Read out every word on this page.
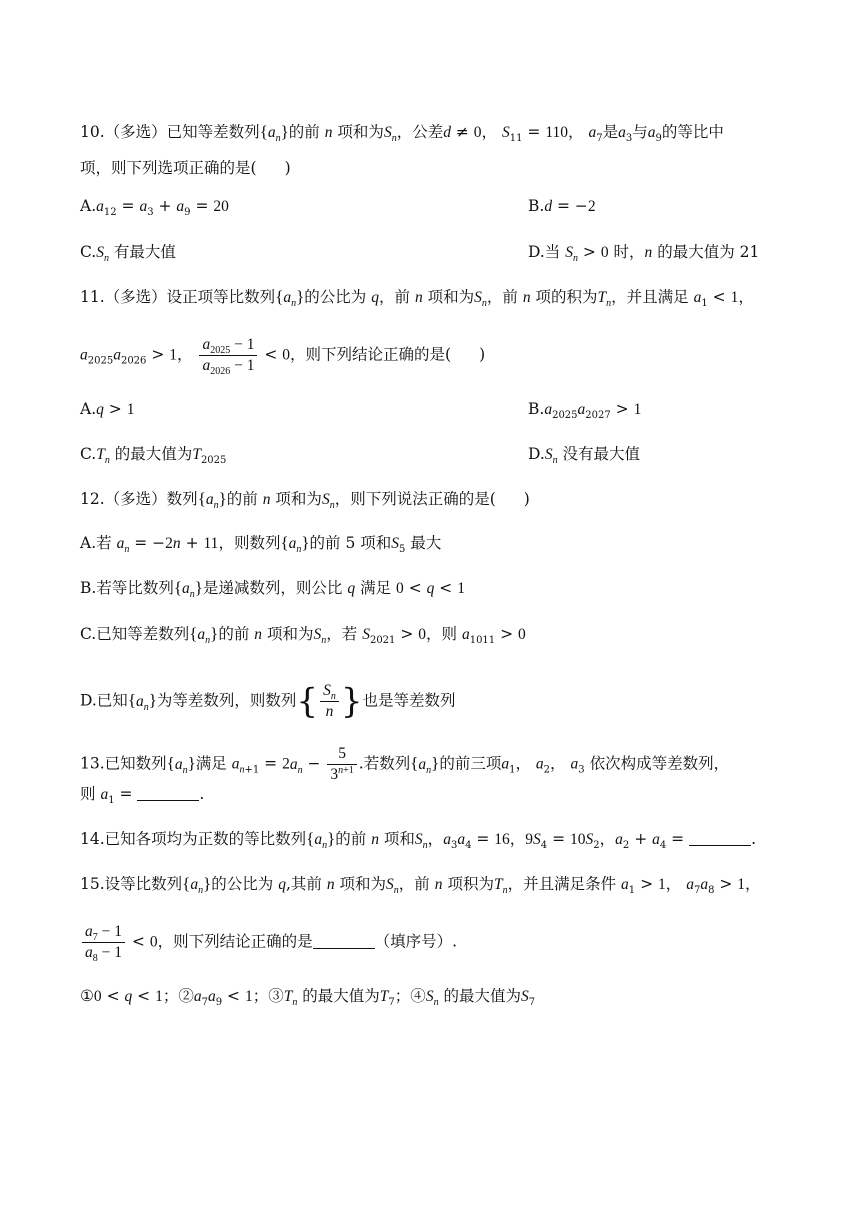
10.（多选）已知等差数列$\{a_n\}$的前 n 项和为$S_n$，公差d ≠ 0， $S_{11} = 110$， $a_7$是$a_3$与$a_9$的等比中
项，则下列选项正确的是( )
$A.a_{12} = a_3 + a_9 = 20$	B.d = −2
$C.S_n$ 有最大值	D.当 $S_n > 0$ 时，n 的最大值为 21
11.（多选）设正项等比数列$\{a_n\}$的公比为 q，前 n 项和为$S_n$，前 n 项的积为$T_n$，并且满足 $a_1 < 1$，
$a_{2025}a_{2026} > 1$， $\frac{a_{2025} - 1}{a_{2026} - 1} < 0$，则下列结论正确的是( )
A.q > 1	$B.a_{2025}a_{2027} > 1$
$C.T_n$ 的最大值为$T_{2025}$	$D.S_n$ 没有最大值
12.（多选）数列$\{a_n\}$的前 n 项和为$S_n$，则下列说法正确的是( )
A.若 $a_n = -2n + 11$，则数列$\{a_n\}$的前 5 项和$S_5$ 最大
B.若等比数列$\{a_n\}$是递减数列，则公比 q 满足 0 < q < 1
C.已知等差数列$\{a_n\}$的前 n 项和为$S_n$，若 $S_{2021} > 0$，则 $a_{1011} > 0$
D.已知$\{a_n\}$为等差数列，则数列{ $\frac{S_n}{n}$ }也是等差数列
13.已知数列$\{a_n\}$满足 $a_{n+1} = 2a_n - \frac{5}{3^{n+1}}$ .若数列$\{a_n\}$的前三项$a_1$， $a_2$， $a_3$ 依次构成等差数列，
则 $a_1$ =	.
14.已知各项均为正数的等比数列$\{a_n\}$的前 n 项和$S_n$，$a_3a_4 = 16$，$9S_4 = 10S_2$，$a_2 + a_4$ =	.
15.设等比数列$\{a_n\}$的公比为 q,其前 n 项和为$S_n$，前 n 项积为$T_n$，并且满足条件 $a_1 > 1$， $a_7a_8 > 1$，
$\frac{a_7 - 1}{a_8 - 1} < 0$，则下列结论正确的是	（填序号）.
①0 < q < 1；$②a_7a_9 < 1$；$③T_n$ 的最大值为$T_7$；$④S_n$ 的最大值为$S_7$
